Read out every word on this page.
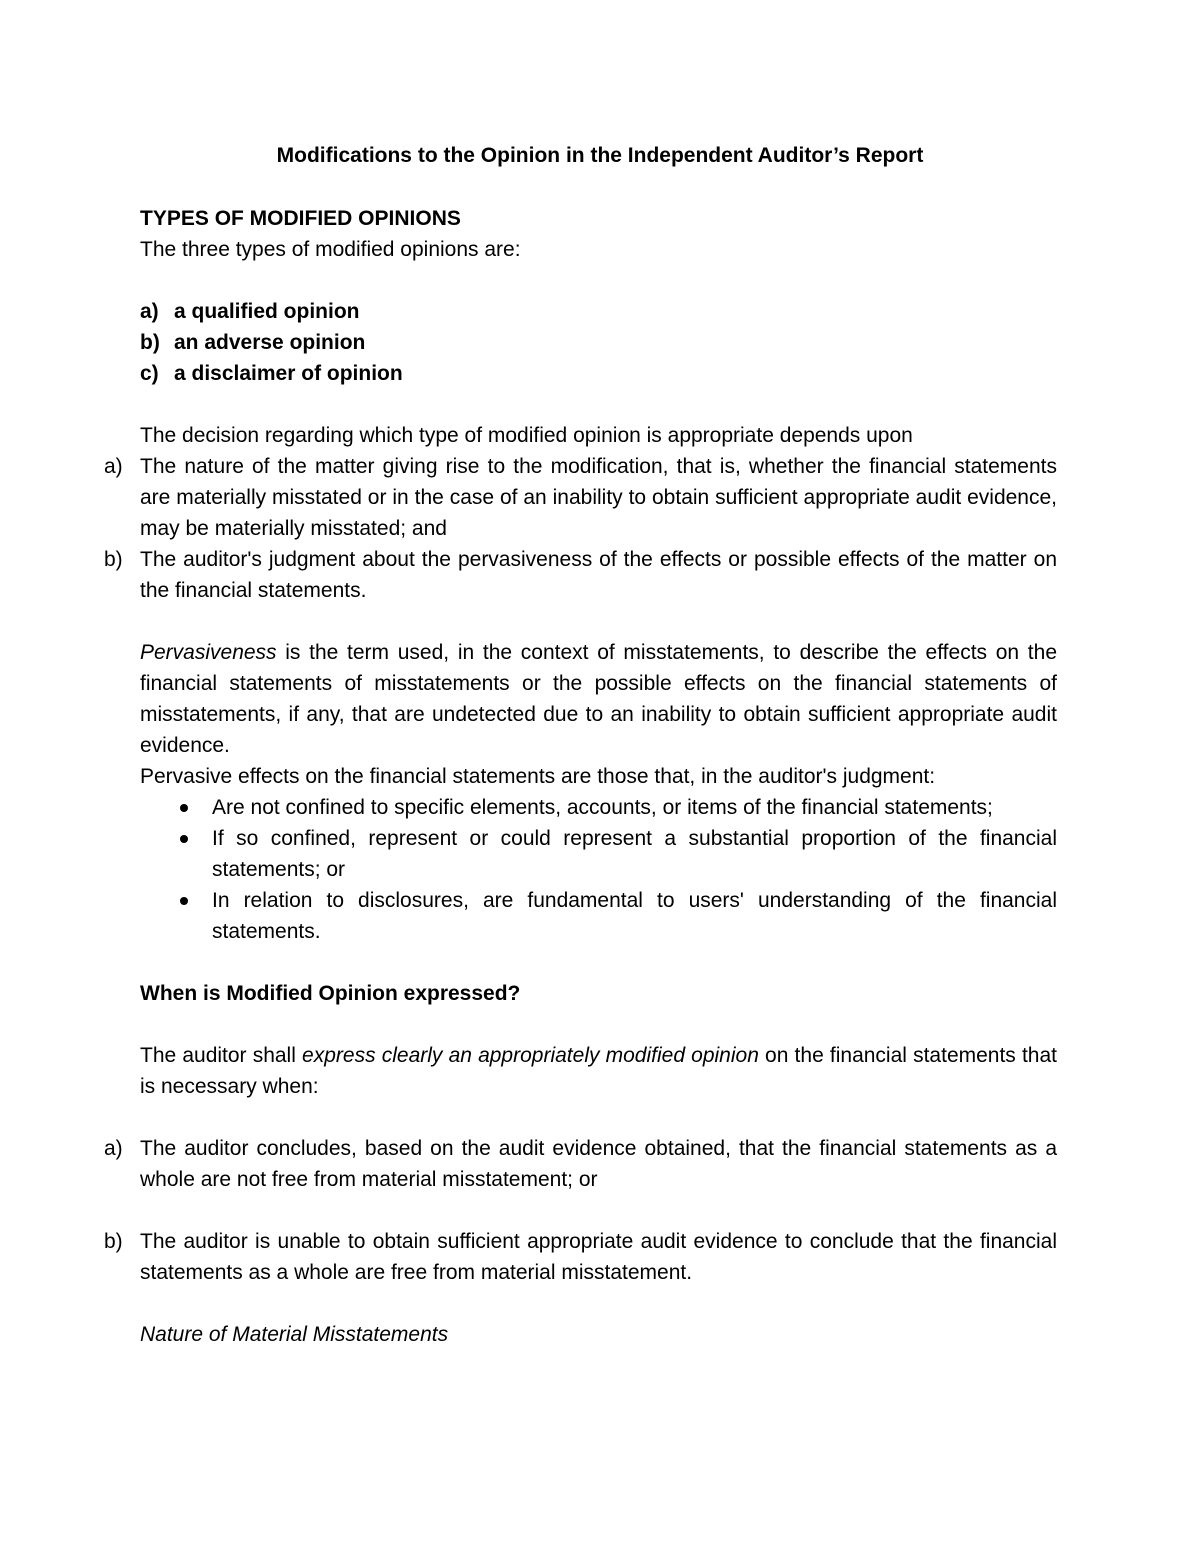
Modifications to the Opinion in the Independent Auditor’s Report
TYPES OF MODIFIED OPINIONS

The three types of modified opinions are:

a) a qualified opinion
b) an adverse opinion
c) a disclaimer of opinion

The decision regarding which type of modified opinion is appropriate depends upon

a) The nature of the matter giving rise to the modification, that is, whether the financial statements are materially misstated or in the case of an inability to obtain sufficient appropriate audit evidence, may be materially misstated; and
b) The auditor's judgment about the pervasiveness of the effects or possible effects of the matter on the financial statements.

Pervasiveness is the term used, in the context of misstatements, to describe the effects on the financial statements of misstatements or the possible effects on the financial statements of misstatements, if any, that are undetected due to an inability to obtain sufficient appropriate audit evidence.

Pervasive effects on the financial statements are those that, in the auditor's judgment:

Are not confined to specific elements, accounts, or items of the financial statements;
If so confined, represent or could represent a substantial proportion of the financial statements; or
In relation to disclosures, are fundamental to users' understanding of the financial statements.
When is Modified Opinion expressed?

The auditor shall express clearly an appropriately modified opinion on the financial statements that is necessary when:

a) The auditor concludes, based on the audit evidence obtained, that the financial statements as a whole are not free from material misstatement; or
b) The auditor is unable to obtain sufficient appropriate audit evidence to conclude that the financial statements as a whole are free from material misstatement.

Nature of Material Misstatements
